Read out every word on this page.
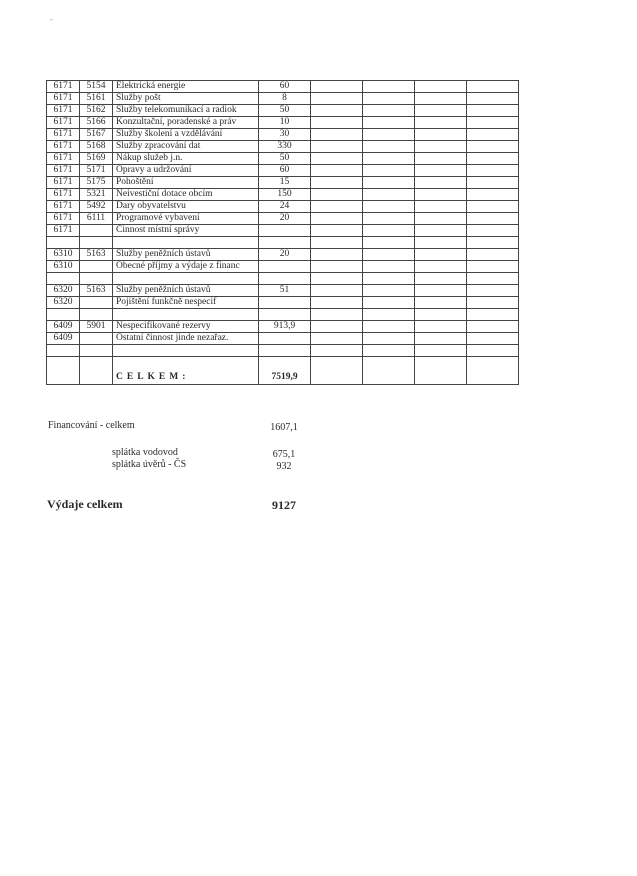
-
6171	5154	Elektrická energie	60				
6171	5161	Služby pošt	8				
6171	5162	Služby telekomunikací a radiok	50				
6171	5166	Konzultační, poradenské a práv	10				
6171	5167	Služby školení a vzdělávání	30				
6171	5168	Služby zpracování dat	330				
6171	5169	Nákup služeb j.n.	50				
6171	5171	Opravy a udržování	60				
6171	5175	Pohoštění	15				
6171	5321	Neivestiční dotace obcím	150				
6171	5492	Dary obyvatelstvu	24				
6171	6111	Programové vybavení	20				
6171		Činnost místní správy					

6310	5163	Služby peněžních ústavů	20				
6310		Obecné příjmy a výdaje z financ					

6320	5163	Služby peněžních ústavů	51				
6320		Pojištění funkčně nespecif					

6409	5901	Nespecifikované rezervy	913,9				
6409		Ostatní činnost jinde nezařaz.					

		CELKEM:	7519,9				
Financování - celkem	1607,1
splátka vodovod	675,1
splátka úvěrů - ČS	932
Výdaje celkem	9127
